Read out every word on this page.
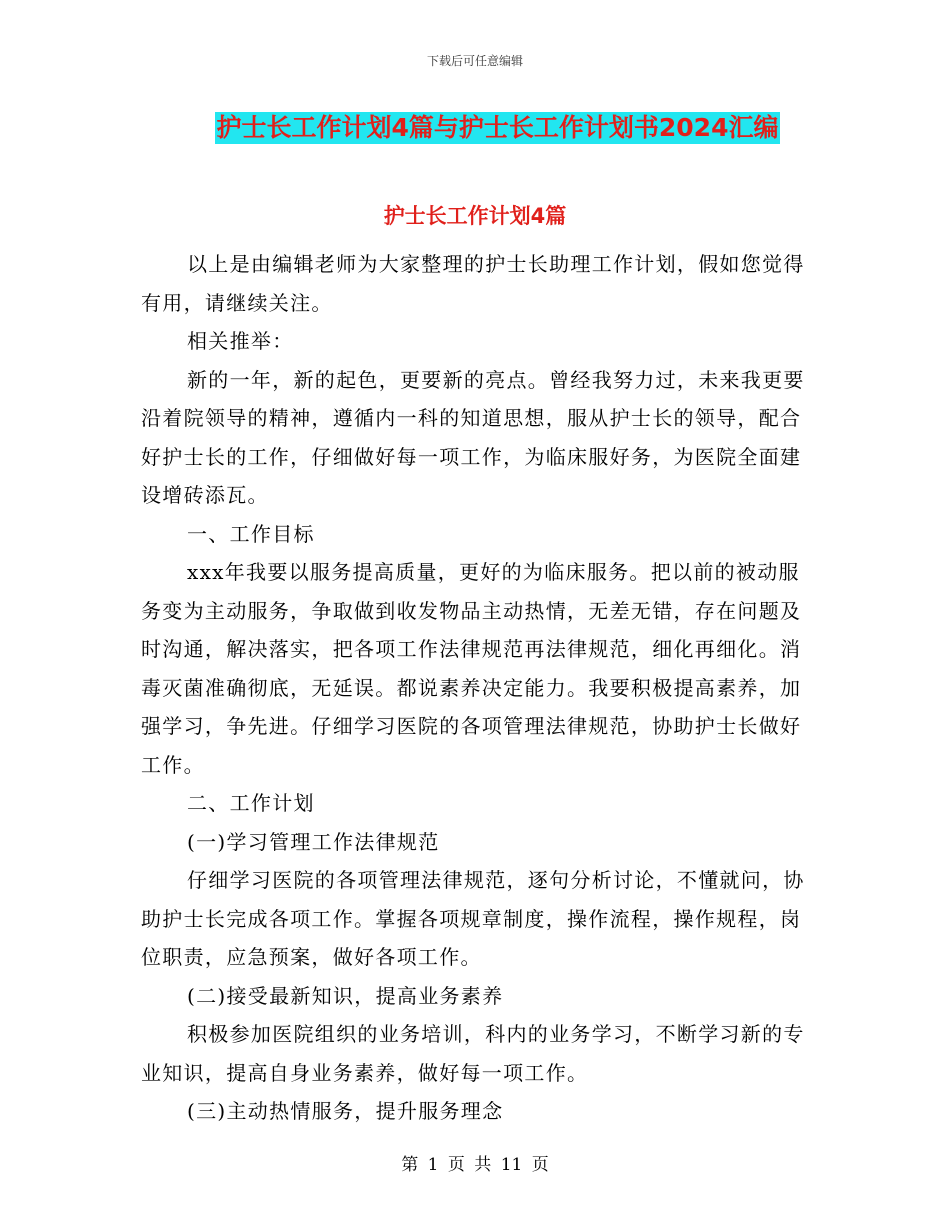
下载后可任意编辑
护士长工作计划4篇与护士长工作计划书2024汇编
护士长工作计划4篇

以上是由编辑老师为大家整理的护士长助理工作计划，假如您觉得有用，请继续关注。

相关推举：

新的一年，新的起色，更要新的亮点。曾经我努力过，未来我更要沿着院领导的精神，遵循内一科的知道思想，服从护士长的领导，配合好护士长的工作，仔细做好每一项工作，为临床服好务，为医院全面建设增砖添瓦。

一、工作目标

xxx年我要以服务提高质量，更好的为临床服务。把以前的被动服务变为主动服务，争取做到收发物品主动热情，无差无错，存在问题及时沟通，解决落实，把各项工作法律规范再法律规范，细化再细化。消毒灭菌准确彻底，无延误。都说素养决定能力。我要积极提高素养，加强学习，争先进。仔细学习医院的各项管理法律规范，协助护士长做好工作。

二、工作计划

(一)学习管理工作法律规范

仔细学习医院的各项管理法律规范，逐句分析讨论，不懂就问，协助护士长完成各项工作。掌握各项规章制度，操作流程，操作规程，岗位职责，应急预案，做好各项工作。

(二)接受最新知识，提高业务素养

积极参加医院组织的业务培训，科内的业务学习，不断学习新的专业知识，提高自身业务素养，做好每一项工作。

(三)主动热情服务，提升服务理念

第 1 页 共 11 页
